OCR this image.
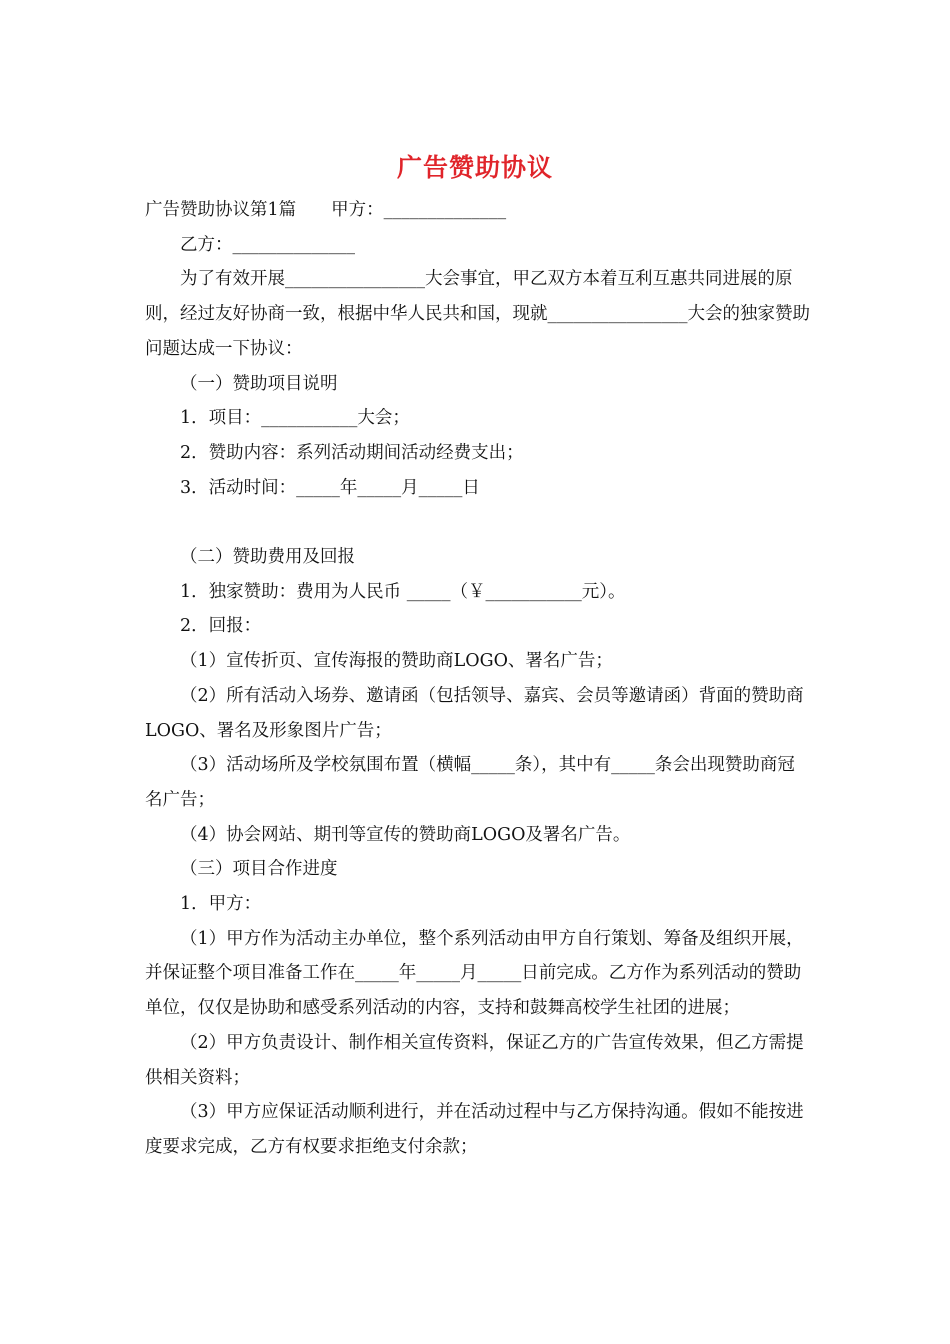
广告赞助协议

广告赞助协议第1篇　　甲方：______________

乙方：______________

为了有效开展________________大会事宜，甲乙双方本着互利互惠共同进展的原则，经过友好协商一致，根据中华人民共和国，现就________________大会的独家赞助问题达成一下协议：

（一）赞助项目说明

1．项目：___________大会；

2．赞助内容：系列活动期间活动经费支出；

3．活动时间：_____年_____月_____日

（二）赞助费用及回报

1．独家赞助：费用为人民币 _____（￥___________元）。

2．回报：

（1）宣传折页、宣传海报的赞助商LOGO、署名广告；

（2）所有活动入场券、邀请函（包括领导、嘉宾、会员等邀请函）背面的赞助商LOGO、署名及形象图片广告；

（3）活动场所及学校氛围布置（横幅_____条），其中有_____条会出现赞助商冠名广告；

（4）协会网站、期刊等宣传的赞助商LOGO及署名广告。

（三）项目合作进度

1．甲方：

（1）甲方作为活动主办单位，整个系列活动由甲方自行策划、筹备及组织开展，并保证整个项目准备工作在_____年_____月_____日前完成。乙方作为系列活动的赞助单位，仅仅是协助和感受系列活动的内容，支持和鼓舞高校学生社团的进展；

（2）甲方负责设计、制作相关宣传资料，保证乙方的广告宣传效果，但乙方需提供相关资料；

（3）甲方应保证活动顺利进行，并在活动过程中与乙方保持沟通。假如不能按进度要求完成，乙方有权要求拒绝支付余款；
